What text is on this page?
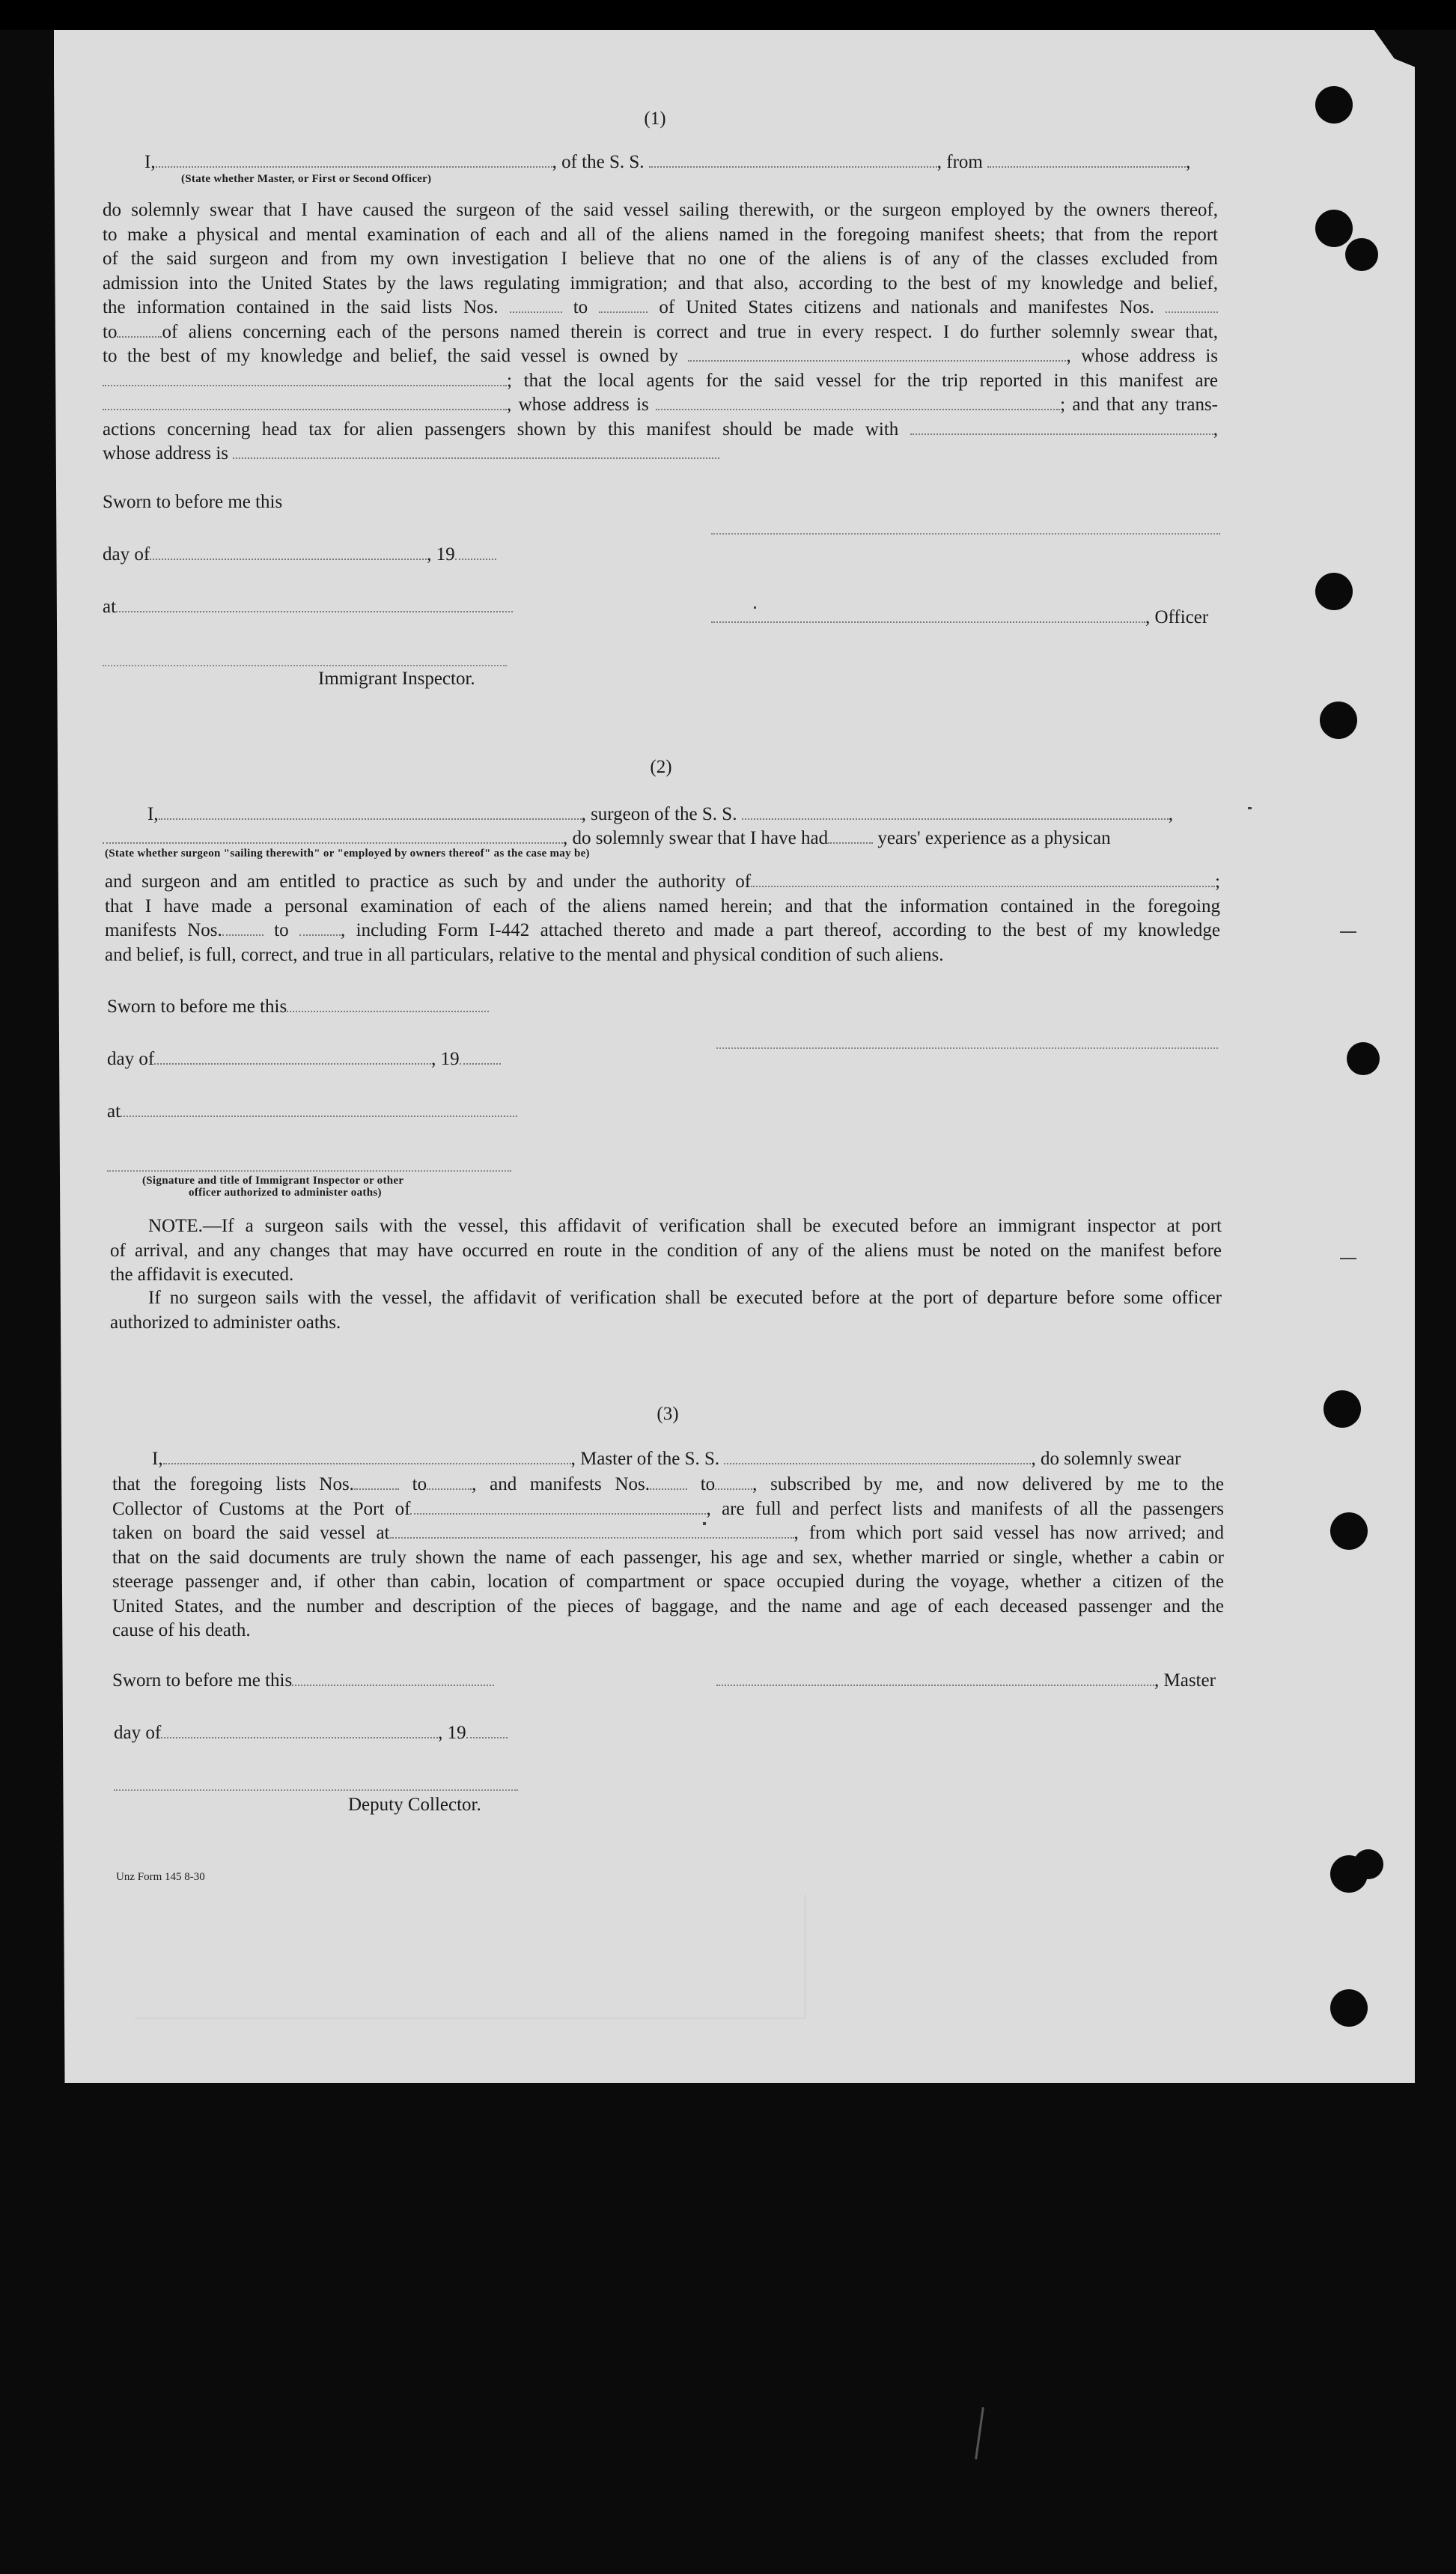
(1)
I,	, of the S. S.	, from	,
(State whether Master, or First or Second Officer)
do solemnly swear that I have caused the surgeon of the said vessel sailing therewith, or the surgeon employed by the owners thereof,
to make a physical and mental examination of each and all of the aliens named in the foregoing manifest sheets; that from the report
of the said surgeon and from my own investigation I believe that no one of the aliens is of any of the classes excluded from
admission into the United States by the laws regulating immigration; and that also, according to the best of my knowledge and belief,
the information contained in the said lists Nos.	to	of United States citizens and nationals and manifestes Nos.
to of aliens concerning each of the persons named therein is correct and true in every respect. I do further solemnly swear that,
to the best of my knowledge and belief, the said vessel is owned by	, whose address is
; that the local agents for the said vessel for the trip reported in this manifest are
, whose address is	; and that any trans-
actions concerning head tax for alien passengers shown by this manifest should be made with	,
whose address is
Sworn to before me this
day of	, 19
at
, Officer
Immigrant Inspector.
(2)
I,	, surgeon of the S. S.	,
, do solemnly swear that I have had	years' experience as a physican
(State whether surgeon "sailing therewith" or "employed by owners thereof" as the case may be)
and surgeon and am entitled to practice as such by and under the authority of	;
that I have made a personal examination of each of the aliens named herein; and that the information contained in the foregoing
manifests Nos.	to	, including Form I-442 attached thereto and made a part thereof, according to the best of my knowledge
and belief, is full, correct, and true in all particulars, relative to the mental and physical condition of such aliens.
Sworn to before me this
day of	, 19
at
(Signature and title of Immigrant Inspector or other
officer authorized to administer oaths)
NOTE.—If a surgeon sails with the vessel, this affidavit of verification shall be executed before an immigrant inspector at port
of arrival, and any changes that may have occurred en route in the condition of any of the aliens must be noted on the manifest before
the affidavit is executed.
If no surgeon sails with the vessel, the affidavit of verification shall be executed before at the port of departure before some officer
authorized to administer oaths.
(3)
I,	, Master of the S. S.	, do solemnly swear
that the foregoing lists Nos.	to , and manifests Nos.	to , subscribed by me, and now delivered by me to the
Collector of Customs at the Port of	, are full and perfect lists and manifests of all the passengers
taken on board the said vessel at	, from which port said vessel has now arrived; and
that on the said documents are truly shown the name of each passenger, his age and sex, whether married or single, whether a cabin or
steerage passenger and, if other than cabin, location of compartment or space occupied during the voyage, whether a citizen of the
United States, and the number and description of the pieces of baggage, and the name and age of each deceased passenger and the
cause of his death.
Sworn to before me this	, Master
day of	, 19
Deputy Collector.
Unz Form 145 8-30
